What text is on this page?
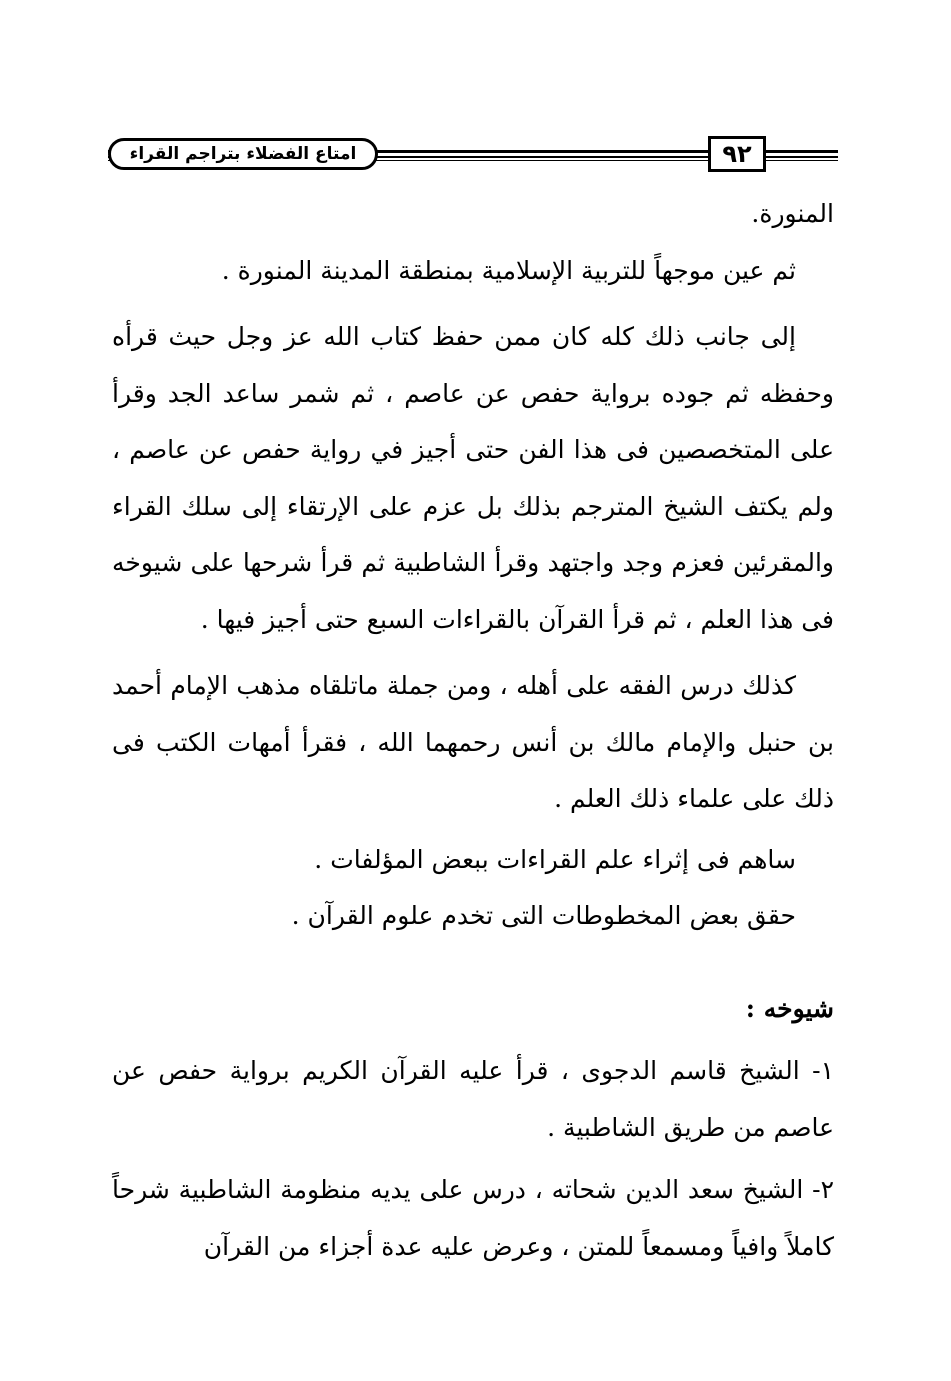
امتاع الفضلاء بتراجم القراء	٩٢

المنورة.

ثم عين موجهاً للتربية الإسلامية بمنطقة المدينة المنورة .

إلى جانب ذلك كله كان ممن حفظ كتاب الله عز وجل حيث قرأه وحفظه ثم جوده برواية حفص عن عاصم ، ثم شمر ساعد الجد وقرأ على المتخصصين فى هذا الفن حتى أجيز في رواية حفص عن عاصم ، ولم يكتف الشيخ المترجم بذلك بل عزم على الإرتقاء إلى سلك القراء والمقرئين فعزم وجد واجتهد وقرأ الشاطبية ثم قرأ شرحها على شيوخه فى هذا العلم ، ثم قرأ القرآن بالقراءات السبع حتى أجيز فيها .

كذلك درس الفقه على أهله ، ومن جملة ماتلقاه مذهب الإمام أحمد بن حنبل والإمام مالك بن أنس رحمهما الله ، فقرأ أمهات الكتب فى ذلك على علماء ذلك العلم .

ساهم فى إثراء علم القراءات ببعض المؤلفات .

حقق بعض المخطوطات التى تخدم علوم القرآن .

شيوخه :

١- الشيخ قاسم الدجوى ، قرأ عليه القرآن الكريم برواية حفص عن عاصم من طريق الشاطبية .

٢- الشيخ سعد الدين شحاته ، درس على يديه منظومة الشاطبية شرحاً كاملاً وافياً ومسمعاً للمتن ، وعرض عليه عدة أجزاء من القرآن
